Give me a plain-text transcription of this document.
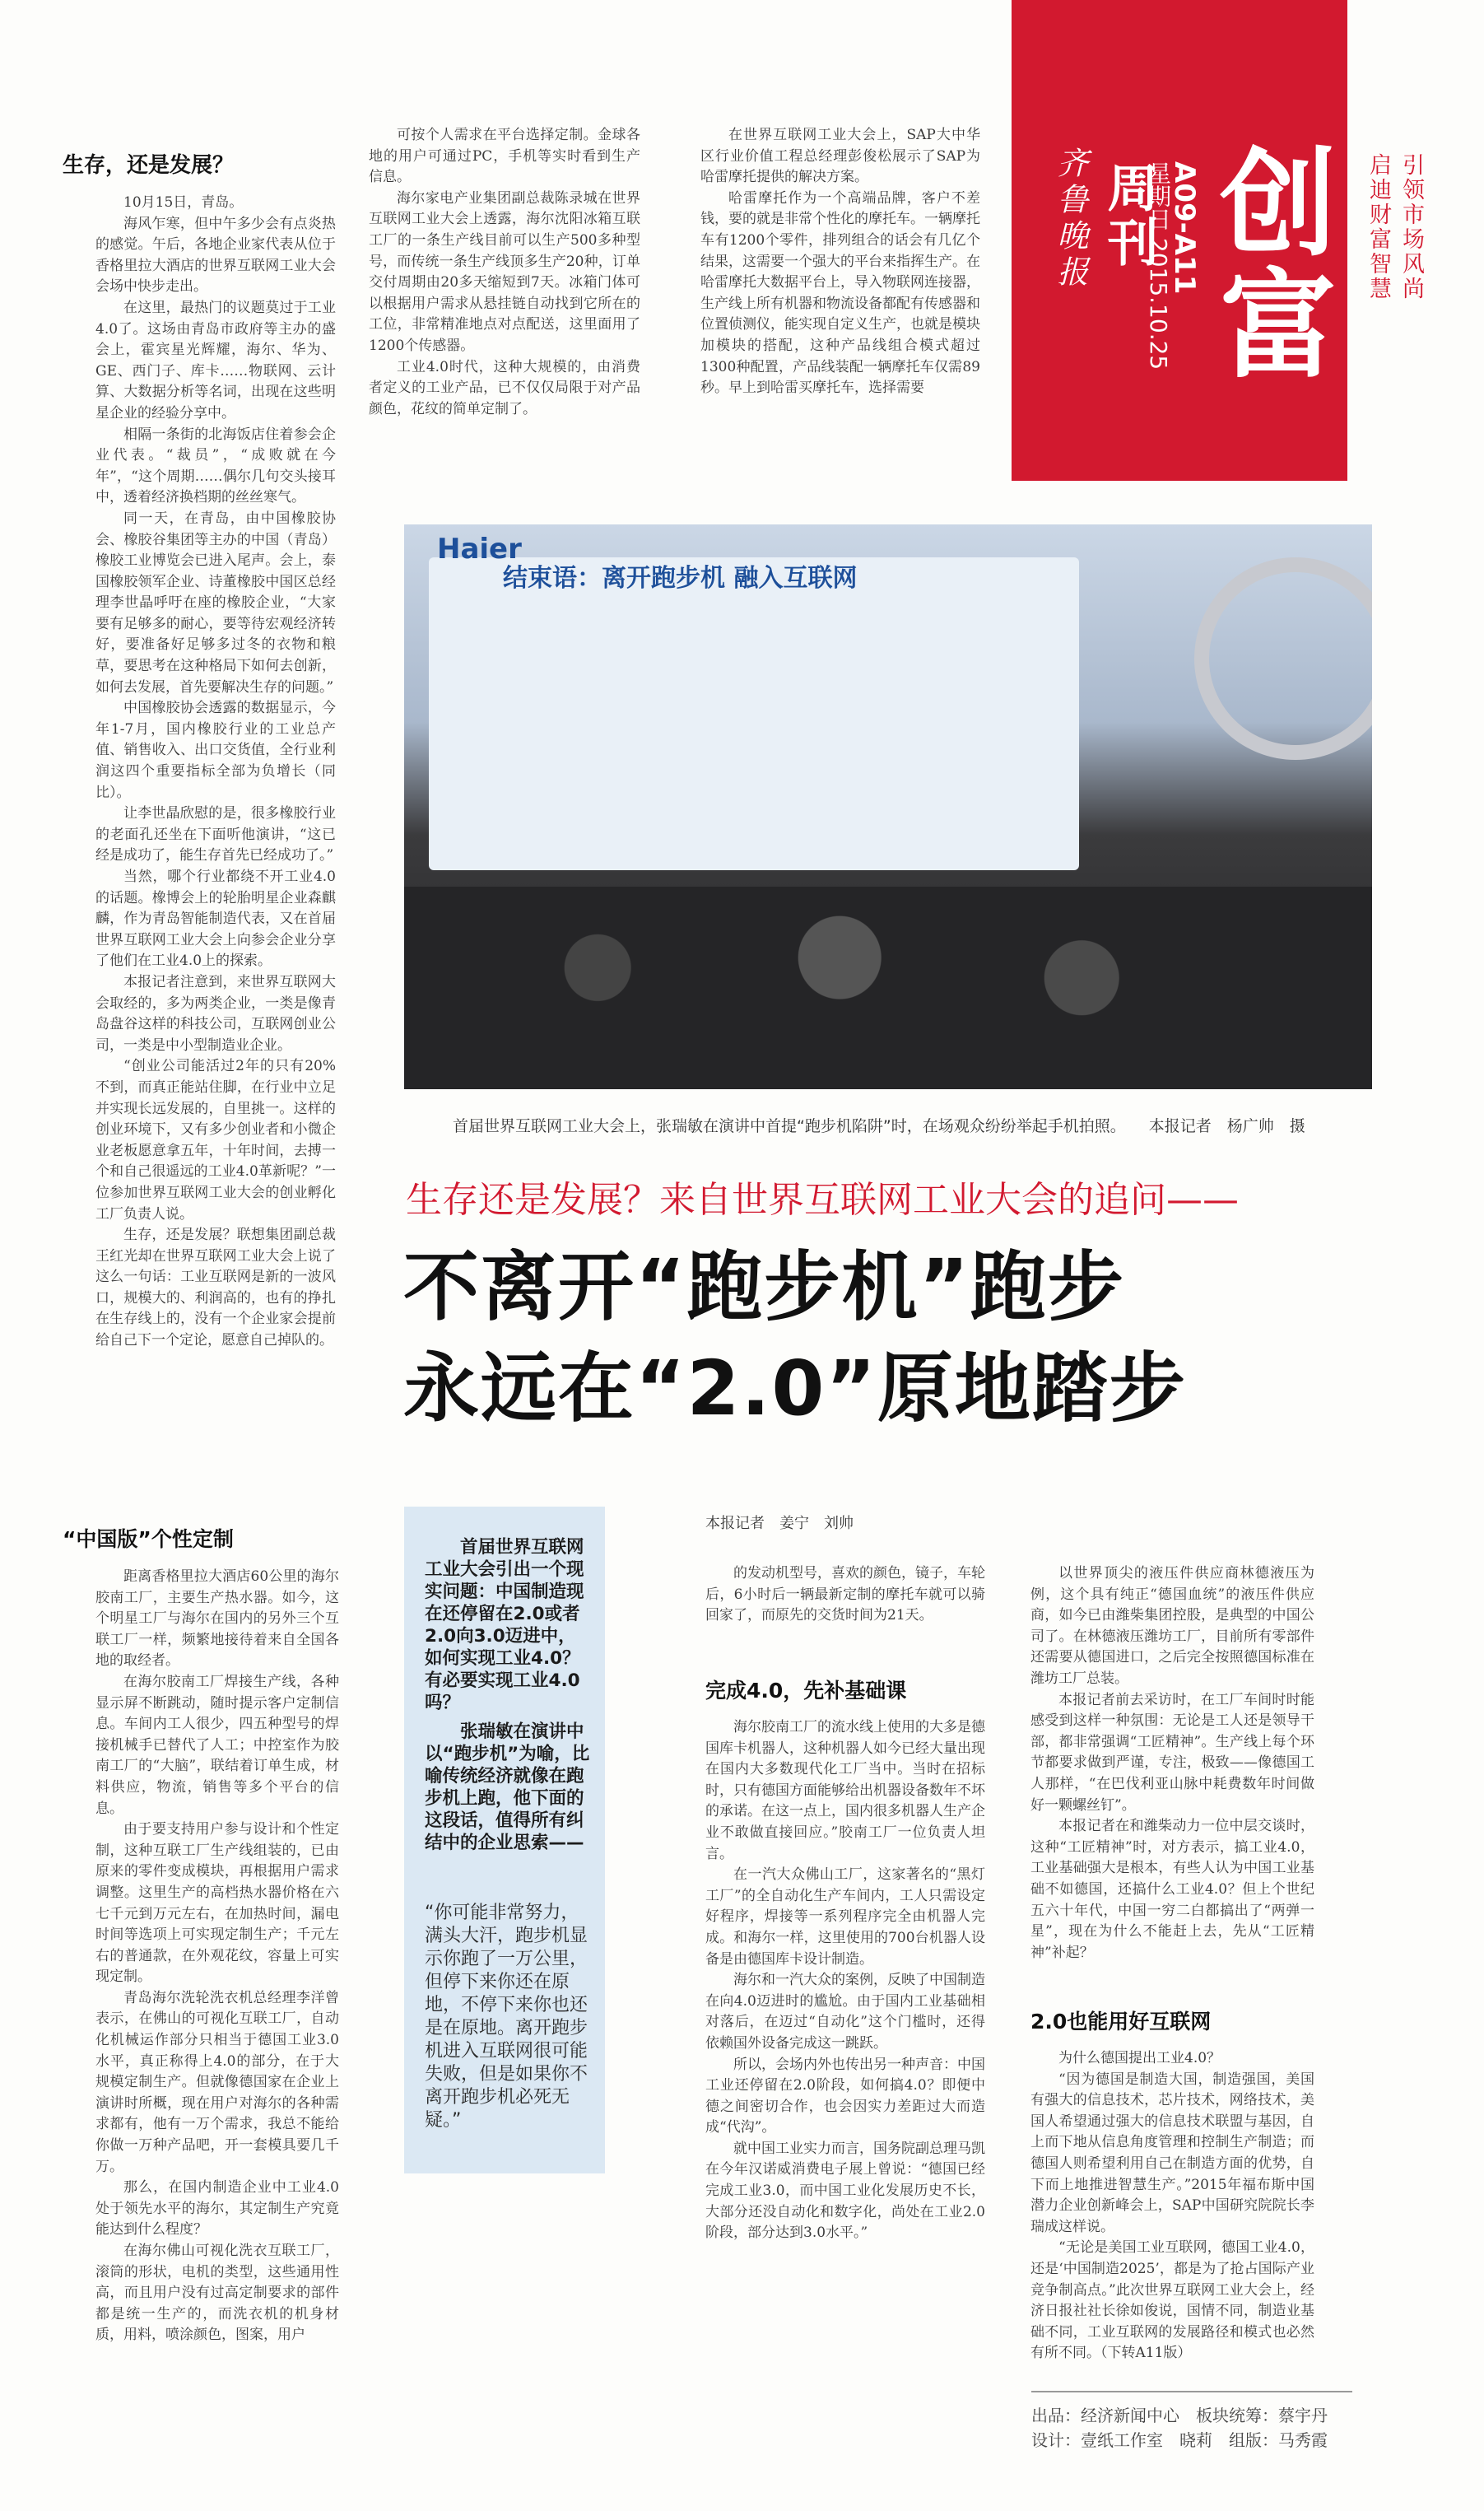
齐鲁晚报 周刊
星期日 2015.10.25
A09-A11 创富	引领市场风尚
启迪财富智慧
生存，还是发展？

10月15日，青岛。

海风乍寒，但中午多少会有点炎热的感觉。午后，各地企业家代表从位于香格里拉大酒店的世界互联网工业大会会场中快步走出。

在这里，最热门的议题莫过于工业4.0了。这场由青岛市政府等主办的盛会上，霍宾星光辉耀，海尔、华为、GE、西门子、库卡……物联网、云计算、大数据分析等名词，出现在这些明星企业的经验分享中。

相隔一条街的北海饭店住着参会企业代表。“裁员”，“成败就在今年”，“这个周期……偶尔几句交头接耳中，透着经济换档期的丝丝寒气。

同一天，在青岛，由中国橡胶协会、橡胶谷集团等主办的中国（青岛）橡胶工业博览会已进入尾声。会上，泰国橡胶领军企业、诗董橡胶中国区总经理李世晶呼吁在座的橡胶企业，“大家要有足够多的耐心，要等待宏观经济转好，要准备好足够多过冬的衣物和粮草，要思考在这种格局下如何去创新，如何去发展，首先要解决生存的问题。”

中国橡胶协会透露的数据显示，今年1-7月，国内橡胶行业的工业总产值、销售收入、出口交货值，全行业利润这四个重要指标全部为负增长（同比）。

让李世晶欣慰的是，很多橡胶行业的老面孔还坐在下面听他演讲，“这已经是成功了，能生存首先已经成功了。”

当然，哪个行业都绕不开工业4.0的话题。橡博会上的轮胎明星企业森麒麟，作为青岛智能制造代表，又在首届世界互联网工业大会上向参会企业分享了他们在工业4.0上的探索。

本报记者注意到，来世界互联网大会取经的，多为两类企业，一类是像青岛盘谷这样的科技公司，互联网创业公司，一类是中小型制造业企业。

“创业公司能活过2年的只有20%不到，而真正能站住脚，在行业中立足并实现长远发展的，自里挑一。这样的创业环境下，又有多少创业者和小微企业老板愿意拿五年，十年时间，去搏一个和自己很遥远的工业4.0革新呢？”一位参加世界互联网工业大会的创业孵化工厂负责人说。

生存，还是发展？联想集团副总裁王红光却在世界互联网工业大会上说了这么一句话：工业互联网是新的一波风口，规模大的、利润高的，也有的挣扎在生存线上的，没有一个企业家会提前给自己下一个定论，愿意自己掉队的。

可按个人需求在平台选择定制。金球各地的用户可通过PC，手机等实时看到生产信息。

海尔家电产业集团副总裁陈录城在世界互联网工业大会上透露，海尔沈阳冰箱互联工厂的一条生产线目前可以生产500多种型号，而传统一条生产线顶多生产20种，订单交付周期由20多天缩短到7天。冰箱门体可以根据用户需求从悬挂链自动找到它所在的工位，非常精准地点对点配送，这里面用了1200个传感器。

工业4.0时代，这种大规模的，由消费者定义的工业产品，已不仅仅局限于对产品颜色，花纹的简单定制了。

在世界互联网工业大会上，SAP大中华区行业价值工程总经理彭俊松展示了SAP为哈雷摩托提供的解决方案。

哈雷摩托作为一个高端品牌，客户不差钱，要的就是非常个性化的摩托车。一辆摩托车有1200个零件，排列组合的话会有几亿个结果，这需要一个强大的平台来指挥生产。在哈雷摩托大数据平台上，导入物联网连接器，生产线上所有机器和物流设备都配有传感器和位置侦测仪，能实现自定义生产，也就是模块加模块的搭配，这种产品线组合模式超过1300种配置，产品线装配一辆摩托车仅需89秒。早上到哈雷买摩托车，选择需要

Haier
结束语：离开跑步机 融入互联网
首届世界互联网工业大会上，张瑞敏在演讲中首提“跑步机陷阱”时，在场观众纷纷举起手机拍照。 本报记者　杨广帅　摄
生存还是发展？来自世界互联网工业大会的追问——
不离开“跑步机”跑步
永远在“2.0”原地踏步
“中国版”个性定制

距离香格里拉大酒店60公里的海尔胶南工厂，主要生产热水器。如今，这个明星工厂与海尔在国内的另外三个互联工厂一样，频繁地接待着来自全国各地的取经者。

在海尔胶南工厂焊接生产线，各种显示屏不断跳动，随时提示客户定制信息。车间内工人很少，四五种型号的焊接机械手已替代了人工；中控室作为胶南工厂的“大脑”，联结着订单生成，材料供应，物流，销售等多个平台的信息。

由于要支持用户参与设计和个性定制，这种互联工厂生产线组装的，已由原来的零件变成模块，再根据用户需求调整。这里生产的高档热水器价格在六七千元到万元左右，在加热时间，漏电时间等选项上可实现定制生产；千元左右的普通款，在外观花纹，容量上可实现定制。

青岛海尔洗轮洗衣机总经理李洋曾表示，在佛山的可视化互联工厂，自动化机械运作部分只相当于德国工业3.0水平，真正称得上4.0的部分，在于大规模定制生产。但就像德国家在企业上演讲时所概，现在用户对海尔的各种需求都有，他有一万个需求，我总不能给你做一万种产品吧，开一套模具要几千万。

那么，在国内制造企业中工业4.0处于领先水平的海尔，其定制生产究竟能达到什么程度？

在海尔佛山可视化洗衣互联工厂，滚筒的形状，电机的类型，这些通用性高，而且用户没有过高定制要求的部件都是统一生产的，而洗衣机的机身材质，用料，喷涂颜色，图案，用户

首届世界互联网工业大会引出一个现实问题：中国制造现在还停留在2.0或者2.0向3.0迈进中，如何实现工业4.0？有必要实现工业4.0吗？

张瑞敏在演讲中以“跑步机”为喻，比喻传统经济就像在跑步机上跑，他下面的这段话，值得所有纠结中的企业思索——

“你可能非常努力，满头大汗，跑步机显示你跑了一万公里，但停下来你还在原地，不停下来你也还是在原地。离开跑步机进入互联网很可能失败，但是如果你不离开跑步机必死无疑。”
本报记者　姜宁　刘帅

的发动机型号，喜欢的颜色，镜子，车轮后，6小时后一辆最新定制的摩托车就可以骑回家了，而原先的交货时间为21天。

完成4.0，先补基础课

海尔胶南工厂的流水线上使用的大多是德国库卡机器人，这种机器人如今已经大量出现在国内大多数现代化工厂当中。当时在招标时，只有德国方面能够给出机器设备数年不坏的承诺。在这一点上，国内很多机器人生产企业不敢做直接回应。”胶南工厂一位负责人坦言。

在一汽大众佛山工厂，这家著名的“黑灯工厂”的全自动化生产车间内，工人只需设定好程序，焊接等一系列程序完全由机器人完成。和海尔一样，这里使用的700台机器人设备是由德国库卡设计制造。

海尔和一汽大众的案例，反映了中国制造在向4.0迈进时的尴尬。由于国内工业基础相对落后，在迈过“自动化”这个门槛时，还得依赖国外设备完成这一跳跃。

所以，会场内外也传出另一种声音：中国工业还停留在2.0阶段，如何搞4.0？即便中德之间密切合作，也会因实力差距过大而造成“代沟”。

就中国工业实力而言，国务院副总理马凯在今年汉诺威消费电子展上曾说：“德国已经完成工业3.0，而中国工业化发展历史不长，大部分还没自动化和数字化，尚处在工业2.0阶段，部分达到3.0水平。”

以世界顶尖的液压件供应商林德液压为例，这个具有纯正“德国血统”的液压件供应商，如今已由潍柴集团控股，是典型的中国公司了。在林德液压潍坊工厂，目前所有零部件还需要从德国进口，之后完全按照德国标准在潍坊工厂总装。

本报记者前去采访时，在工厂车间时时能感受到这样一种氛围：无论是工人还是领导干部，都非常强调“工匠精神”。生产线上每个环节都要求做到严谨，专注，极致——像德国工人那样，“在巴伐利亚山脉中耗费数年时间做好一颗螺丝钉”。

本报记者在和潍柴动力一位中层交谈时，这种“工匠精神”时，对方表示，搞工业4.0，工业基础强大是根本，有些人认为中国工业基础不如德国，还搞什么工业4.0？但上个世纪五六十年代，中国一穷二白都搞出了“两弹一星”，现在为什么不能赶上去，先从“工匠精神”补起？

2.0也能用好互联网

为什么德国提出工业4.0？

“因为德国是制造大国，制造强国，美国有强大的信息技术，芯片技术，网络技术，美国人希望通过强大的信息技术联盟与基因，自上而下地从信息角度管理和控制生产制造；而德国人则希望利用自己在制造方面的优势，自下而上地推进智慧生产。”2015年福布斯中国潜力企业创新峰会上，SAP中国研究院院长李瑞成这样说。

“无论是美国工业互联网，德国工业4.0，还是‘中国制造2025’，都是为了抢占国际产业竞争制高点。”此次世界互联网工业大会上，经济日报社社长徐如俊说，国情不同，制造业基础不同，工业互联网的发展路径和模式也必然有所不同。（下转A11版）

出品：经济新闻中心　板块统筹：蔡宇丹
设计：壹纸工作室　晓莉　组版：马秀霞
